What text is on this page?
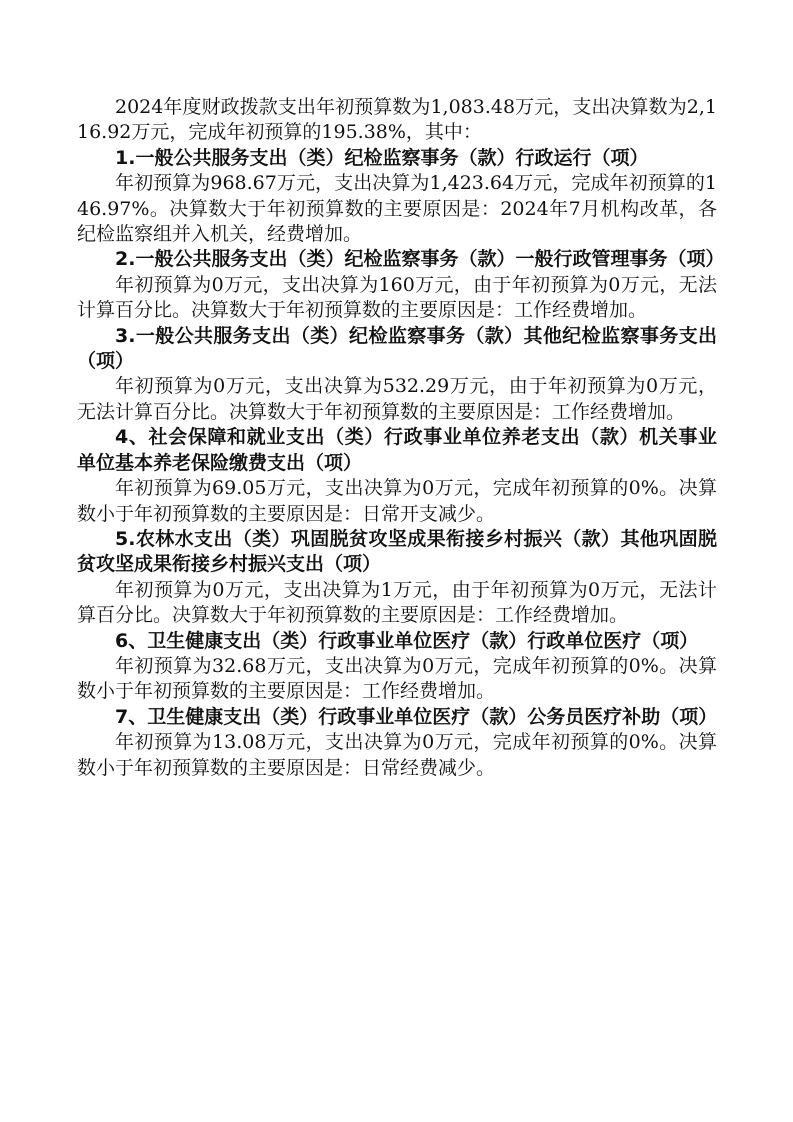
2024年度财政拨款支出年初预算数为1,083.48万元，支出决算数为2,116.92万元，完成年初预算的195.38%，其中：

1.一般公共服务支出（类）纪检监察事务（款）行政运行（项）

年初预算为968.67万元，支出决算为1,423.64万元，完成年初预算的146.97%。决算数大于年初预算数的主要原因是：2024年7月机构改革，各纪检监察组并入机关，经费增加。

2.一般公共服务支出（类）纪检监察事务（款）一般行政管理事务（项）

年初预算为0万元，支出决算为160万元，由于年初预算为0万元，无法计算百分比。决算数大于年初预算数的主要原因是：工作经费增加。

3.一般公共服务支出（类）纪检监察事务（款）其他纪检监察事务支出（项）

年初预算为0万元，支出决算为532.29万元，由于年初预算为0万元，无法计算百分比。决算数大于年初预算数的主要原因是：工作经费增加。

4、社会保障和就业支出（类）行政事业单位养老支出（款）机关事业单位基本养老保险缴费支出（项）

年初预算为69.05万元，支出决算为0万元，完成年初预算的0%。决算数小于年初预算数的主要原因是：日常开支减少。

5.农林水支出（类）巩固脱贫攻坚成果衔接乡村振兴（款）其他巩固脱贫攻坚成果衔接乡村振兴支出（项）

年初预算为0万元，支出决算为1万元，由于年初预算为0万元，无法计算百分比。决算数大于年初预算数的主要原因是：工作经费增加。

6、卫生健康支出（类）行政事业单位医疗（款）行政单位医疗（项）

年初预算为32.68万元，支出决算为0万元，完成年初预算的0%。决算数小于年初预算数的主要原因是：工作经费增加。

7、卫生健康支出（类）行政事业单位医疗（款）公务员医疗补助（项）

年初预算为13.08万元，支出决算为0万元，完成年初预算的0%。决算数小于年初预算数的主要原因是：日常经费减少。
